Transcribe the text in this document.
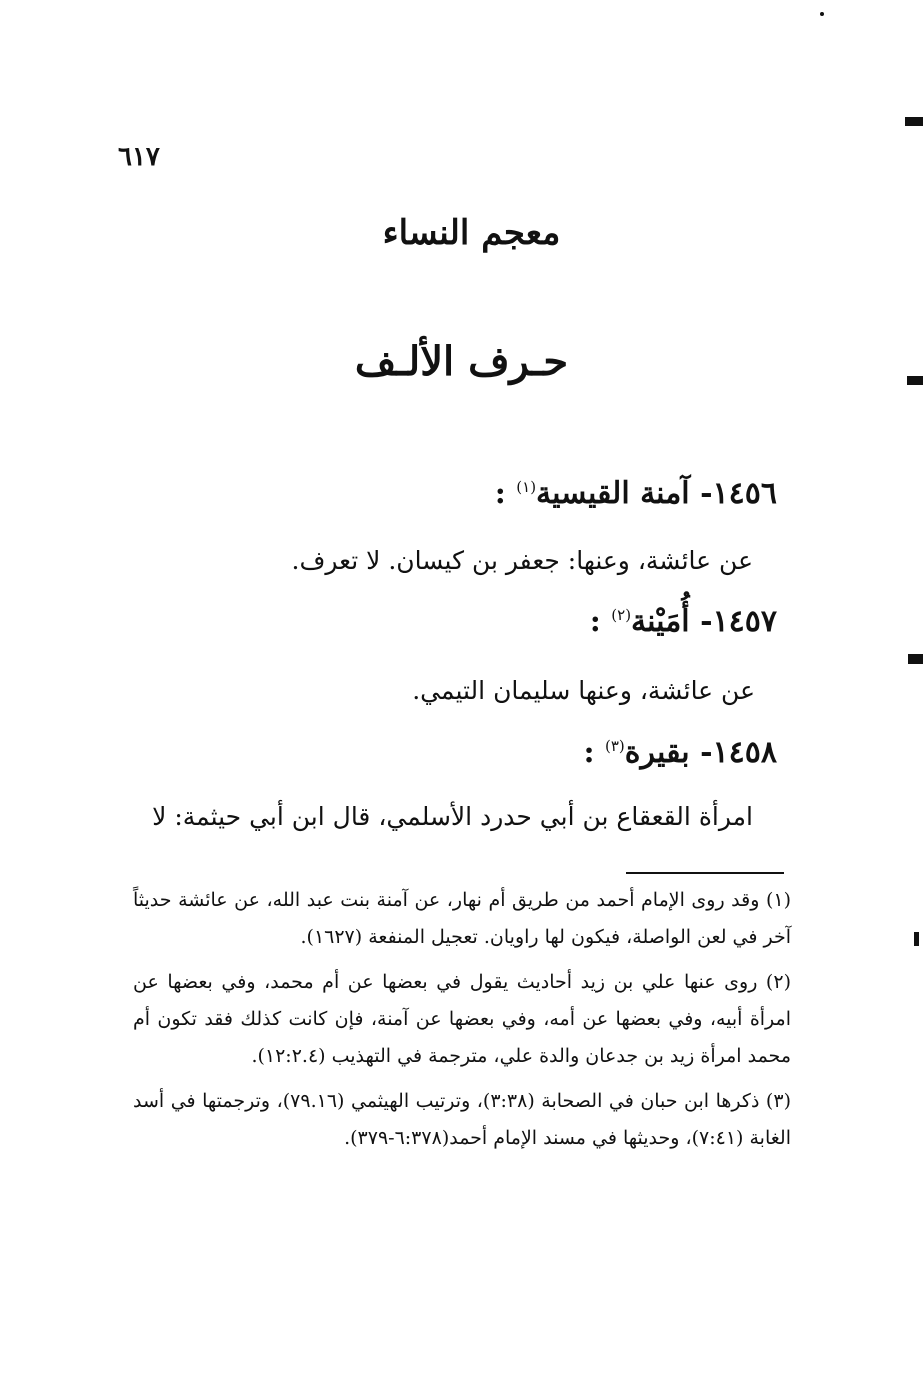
٦١٧
معجم النساء
حـرف الألـف
١٤٥٦- آمنة القيسية$^{(١)}$ :
عن عائشة، وعنها: جعفر بن كيسان. لا تعرف.
١٤٥٧- أُمَيْنة$^{(٢)}$ :
عن عائشة، وعنها سليمان التيمي.
١٤٥٨- بقيرة$^{(٣)}$ :
امرأة القعقاع بن أبي حدرد الأسلمي، قال ابن أبي حيثمة: لا

(١) وقد روى الإمام أحمد من طريق أم نهار، عن آمنة بنت عبد الله، عن عائشة حديثاً آخر في لعن الواصلة، فيكون لها راويان. تعجيل المنفعة (١٦٢٧).

(٢) روى عنها علي بن زيد أحاديث يقول في بعضها عن أم محمد، وفي بعضها عن امرأة أبيه، وفي بعضها عن أمه، وفي بعضها عن آمنة، فإن كانت كذلك فقد تكون أم محمد امرأة زيد بن جدعان والدة علي، مترجمة في التهذيب (١٢:٢.٤).

(٣) ذكرها ابن حبان في الصحابة (٣:٣٨)، وترتيب الهيثمي (٧٩.١٦)، وترجمتها في أسد الغابة (٧:٤١)، وحديثها في مسند الإمام أحمد(٦:٣٧٨-٣٧٩).
